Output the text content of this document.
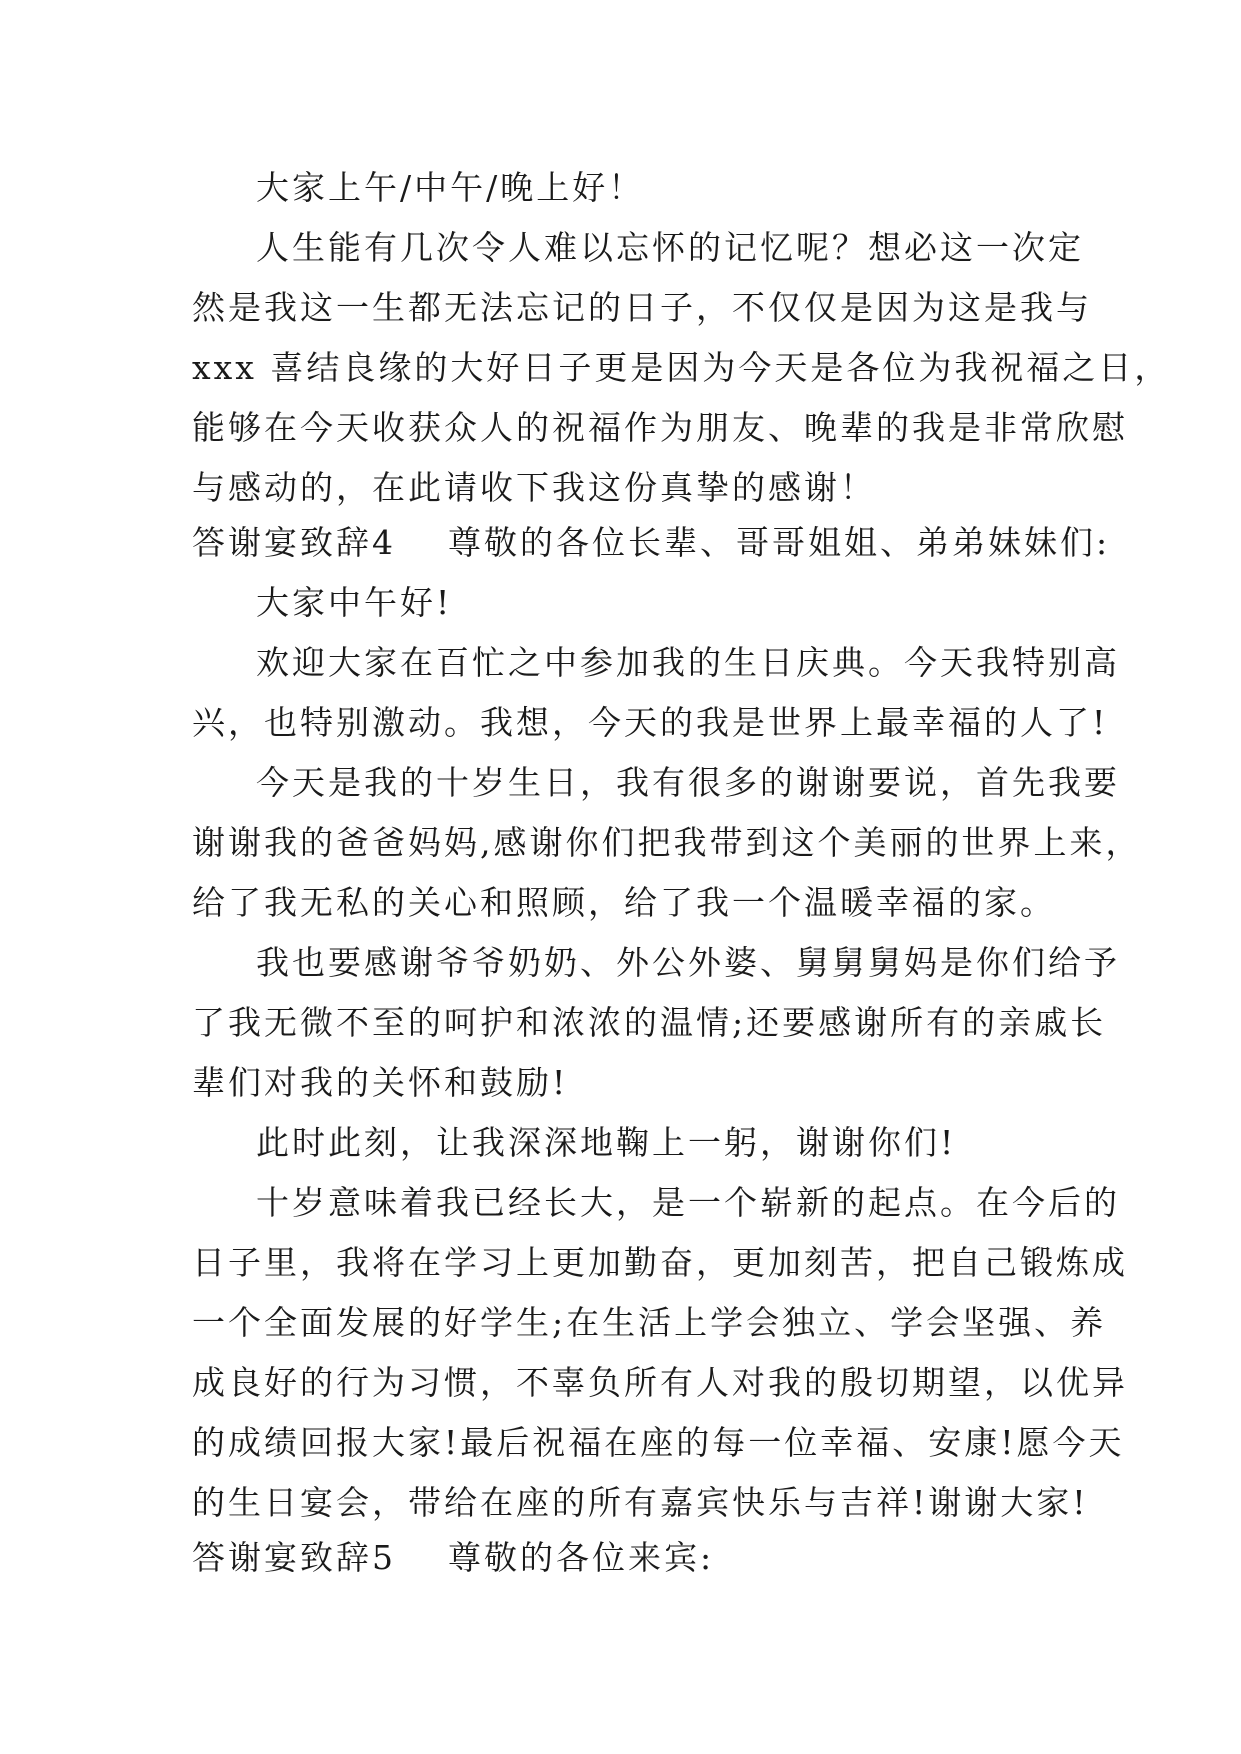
大家上午/中午/晚上好！
人生能有几次令人难以忘怀的记忆呢？想必这一次定
然是我这一生都无法忘记的日子，不仅仅是因为这是我与
xxx 喜结良缘的大好日子更是因为今天是各位为我祝福之日，
能够在今天收获众人的祝福作为朋友、晚辈的我是非常欣慰
与感动的，在此请收下我这份真挚的感谢！
答谢宴致辞4 尊敬的各位长辈、哥哥姐姐、弟弟妹妹们:
大家中午好!
欢迎大家在百忙之中参加我的生日庆典。今天我特别高
兴，也特别激动。我想，今天的我是世界上最幸福的人了!
今天是我的十岁生日，我有很多的谢谢要说，首先我要
谢谢我的爸爸妈妈,感谢你们把我带到这个美丽的世界上来，
给了我无私的关心和照顾，给了我一个温暖幸福的家。
我也要感谢爷爷奶奶、外公外婆、舅舅舅妈是你们给予
了我无微不至的呵护和浓浓的温情;还要感谢所有的亲戚长
辈们对我的关怀和鼓励!
此时此刻，让我深深地鞠上一躬，谢谢你们!
十岁意味着我已经长大，是一个崭新的起点。在今后的
日子里，我将在学习上更加勤奋，更加刻苦，把自己锻炼成
一个全面发展的好学生;在生活上学会独立、学会坚强、养
成良好的行为习惯，不辜负所有人对我的殷切期望，以优异
的成绩回报大家!最后祝福在座的每一位幸福、安康!愿今天
的生日宴会，带给在座的所有嘉宾快乐与吉祥!谢谢大家!
答谢宴致辞5 尊敬的各位来宾:
